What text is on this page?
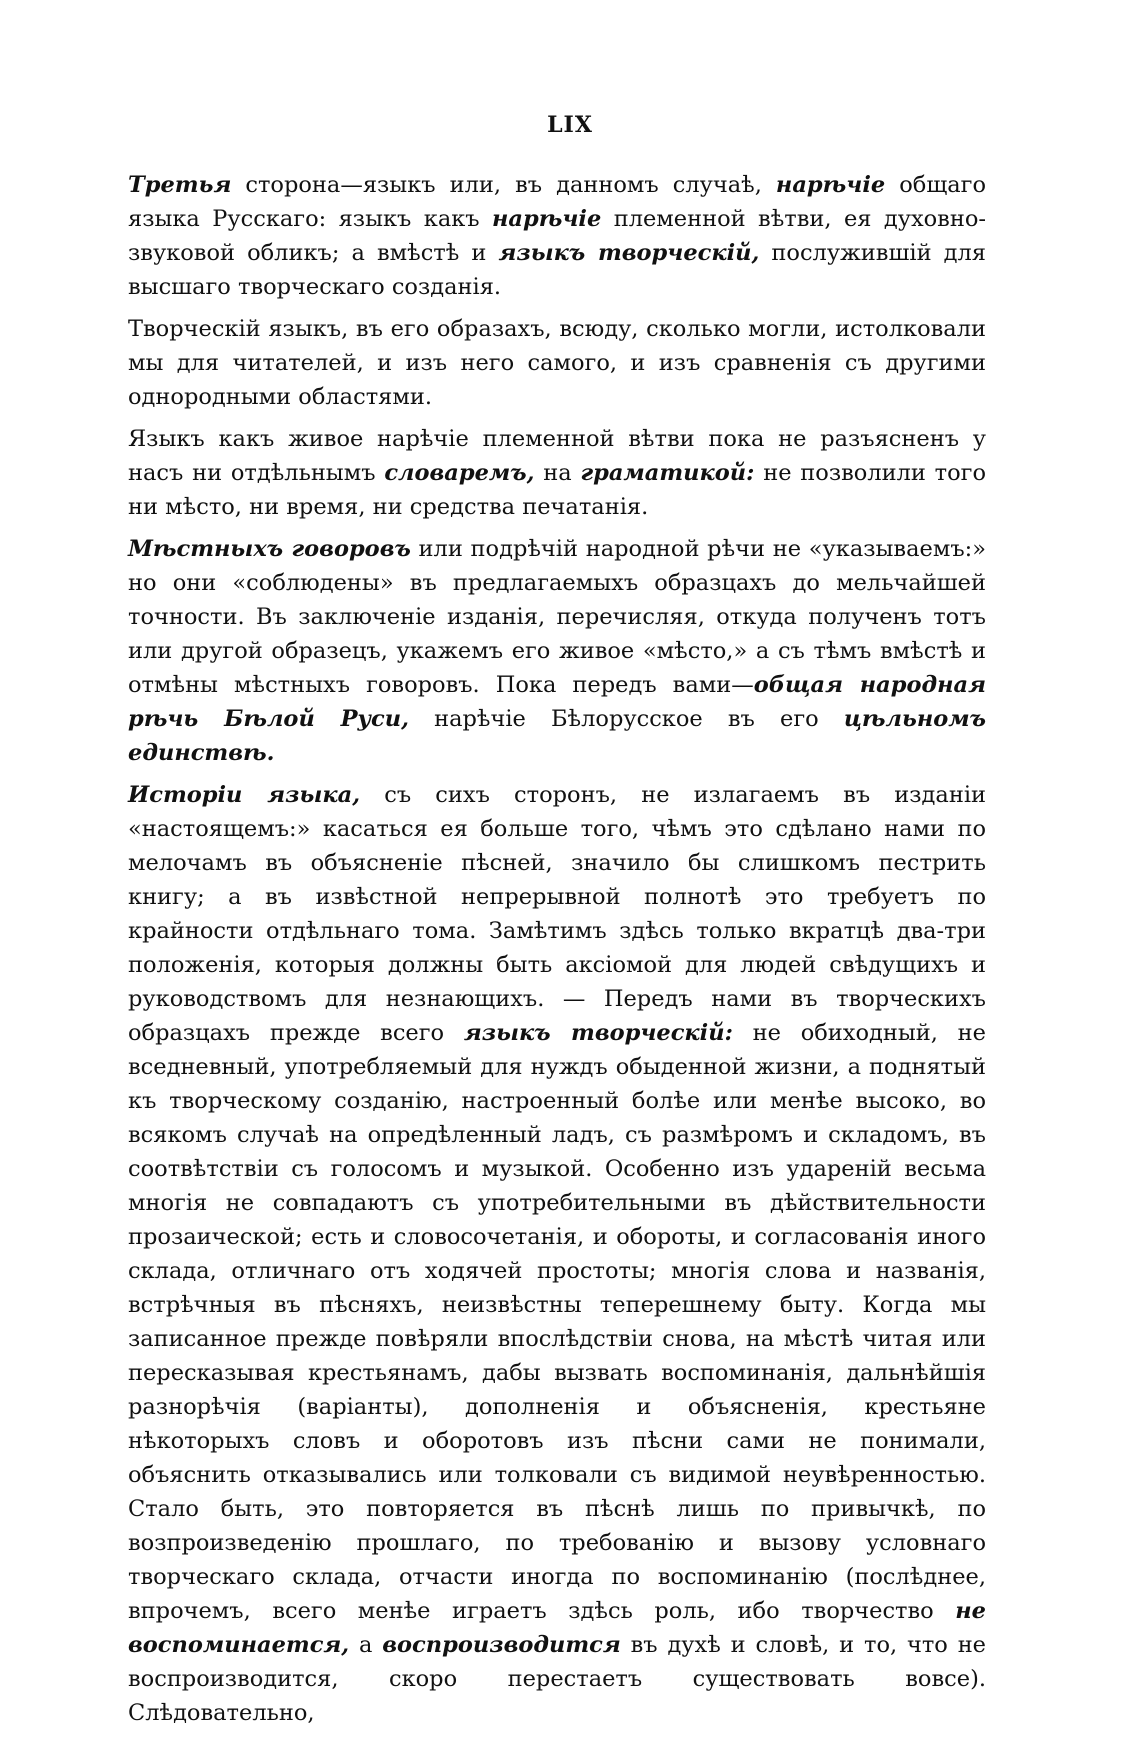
LIX

Третья сторона—языкъ или, въ данномъ случаѣ, нарѣчіе общаго языка Русскаго: языкъ какъ нарѣчіе племенной вѣтви, ея духовно-звуковой обликъ; а вмѣстѣ и языкъ творческій, послужившій для высшаго творческаго созданія.

Творческій языкъ, въ его образахъ, всюду, сколько могли, истолковали мы для читателей, и изъ него самого, и изъ сравненія съ другими однородными областями.

Языкъ какъ живое нарѣчіе племенной вѣтви пока не разъясненъ у насъ ни отдѣльнымъ словаремъ, на граматикой: не позволили того ни мѣсто, ни время, ни средства печатанія.

Мѣстныхъ говоровъ или подрѣчій народной рѣчи не «указываемъ:» но они «соблюдены» въ предлагаемыхъ образцахъ до мельчайшей точности. Въ заключеніе изданія, перечисляя, откуда полученъ тотъ или другой образецъ, укажемъ его живое «мѣсто,» а съ тѣмъ вмѣстѣ и отмѣны мѣстныхъ говоровъ. Пока передъ вами—общая народная рѣчь Бѣлой Руси, нарѣчіе Бѣлорусское въ его цѣльномъ единствѣ.

Исторіи языка, съ сихъ сторонъ, не излагаемъ въ изданіи «настоящемъ:» касаться ея больше того, чѣмъ это сдѣлано нами по мелочамъ въ объясненіе пѣсней, значило бы слишкомъ пестрить книгу; а въ извѣстной непрерывной полнотѣ это требуетъ по крайности отдѣльнаго тома. Замѣтимъ здѣсь только вкратцѣ два-три положенія, которыя должны быть аксіомой для людей свѣдущихъ и руководствомъ для незнающихъ. — Передъ нами въ творческихъ образцахъ прежде всего языкъ творческій: не обиходный, не вседневный, употребляемый для нуждъ обыденной жизни, а поднятый къ творческому созданію, настроенный болѣе или менѣе высоко, во всякомъ случаѣ на опредѣленный ладъ, съ размѣромъ и складомъ, въ соотвѣтствіи съ голосомъ и музыкой. Особенно изъ удареній весьма многія не совпадаютъ съ употребительными въ дѣйствительности прозаической; есть и словосочетанія, и обороты, и согласованія иного склада, отличнаго отъ ходячей простоты; многія слова и названія, встрѣчныя въ пѣсняхъ, неизвѣстны теперешнему быту. Когда мы записанное прежде повѣряли впослѣдствіи снова, на мѣстѣ читая или пересказывая крестьянамъ, дабы вызвать воспоминанія, дальнѣйшія разнорѣчія (варіанты), дополненія и объясненія, крестьяне нѣкоторыхъ словъ и оборотовъ изъ пѣсни сами не понимали, объяснить отказывались или толковали съ видимой неувѣренностью. Стало быть, это повторяется въ пѣснѣ лишь по привычкѣ, по возпроизведенію прошлаго, по требованію и вызову условнаго творческаго склада, отчасти иногда по воспоминанію (послѣднее, впрочемъ, всего менѣе играетъ здѣсь роль, ибо творчество не воспоминается, а воспроизводится въ духѣ и словѣ, и то, что не воспроизводится, скоро перестаетъ существовать вовсе). Слѣдовательно,
